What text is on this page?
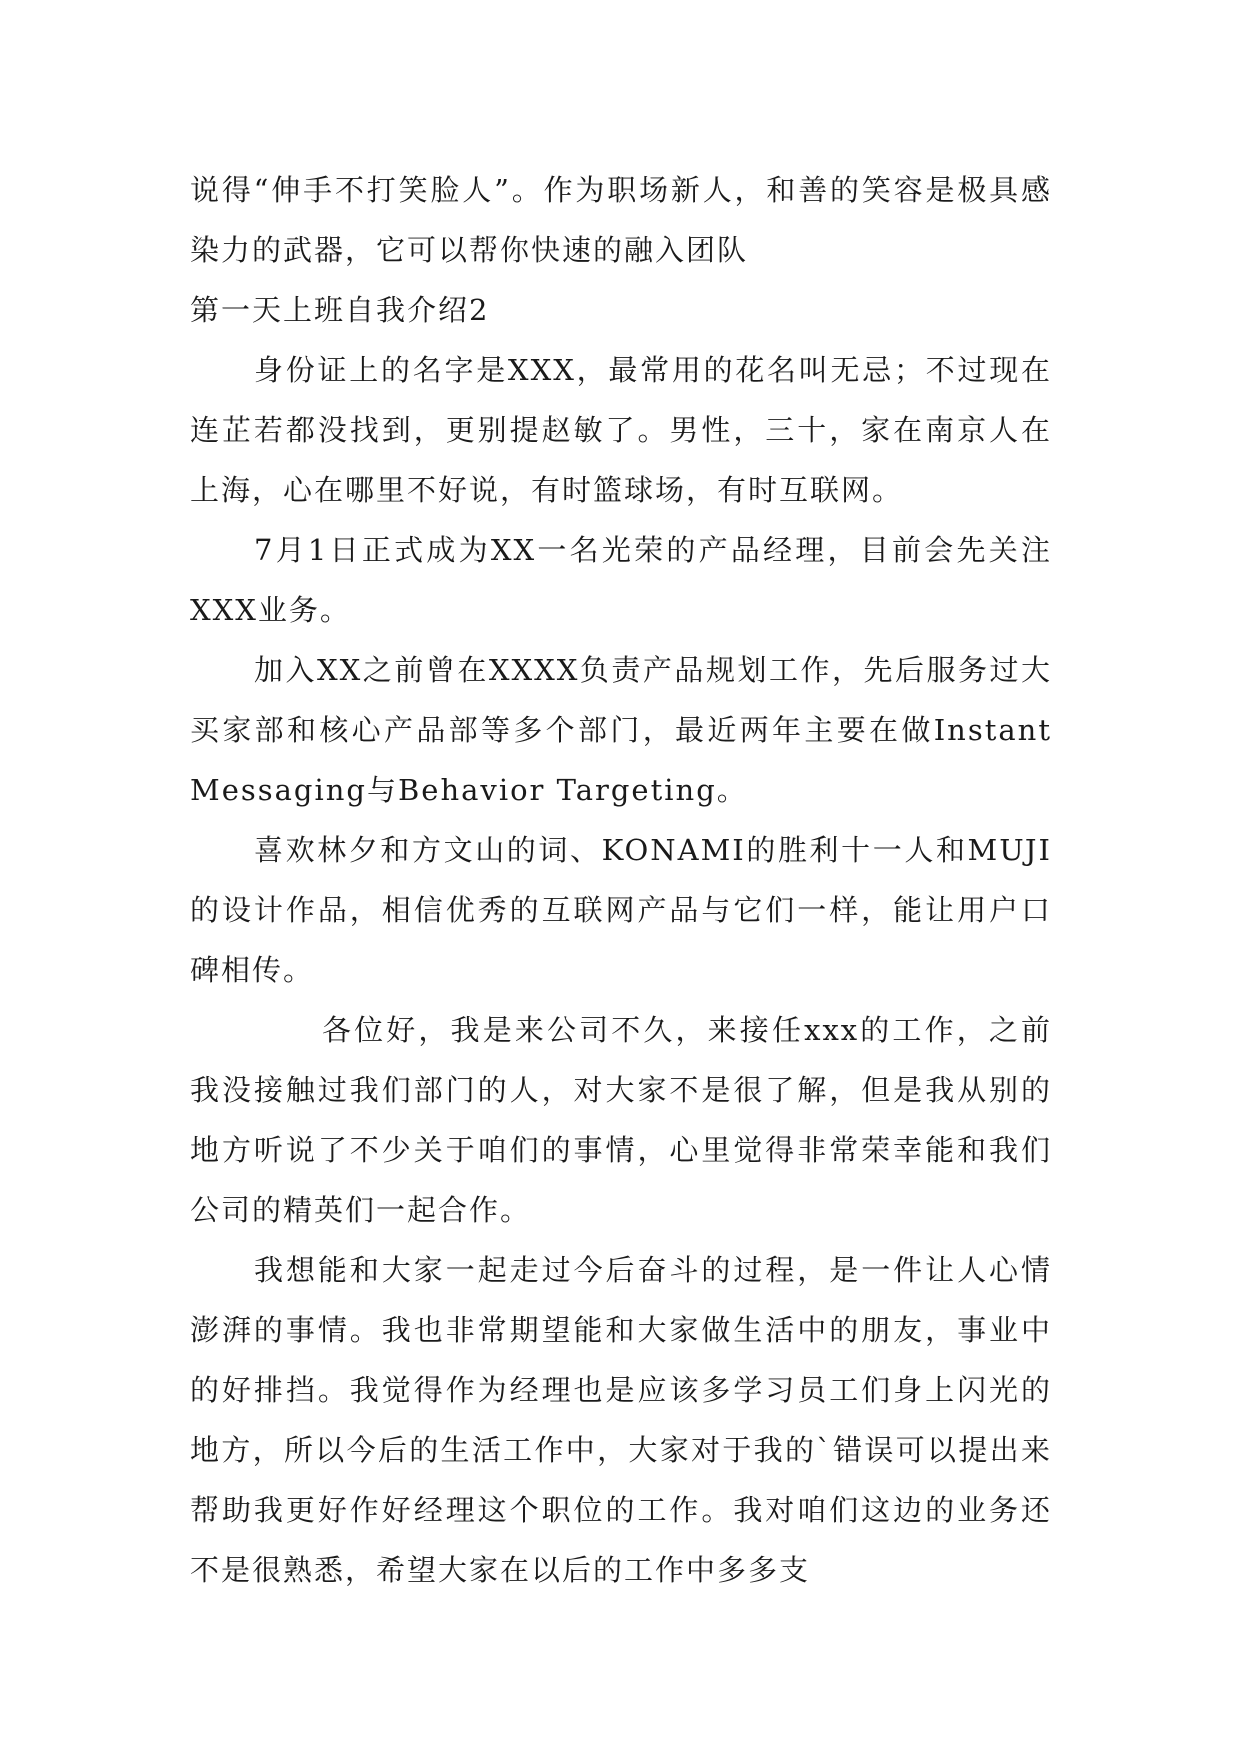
说得“伸手不打笑脸人”。作为职场新人，和善的笑容是极具感染力的武器，它可以帮你快速的融入团队

第一天上班自我介绍2

身份证上的名字是XXX，最常用的花名叫无忌；不过现在连芷若都没找到，更别提赵敏了。男性，三十，家在南京人在上海，心在哪里不好说，有时篮球场，有时互联网。

7月1日正式成为XX一名光荣的产品经理，目前会先关注XXX业务。

加入XX之前曾在XXXX负责产品规划工作，先后服务过大买家部和核心产品部等多个部门，最近两年主要在做Instant Messaging与Behavior Targeting。

喜欢林夕和方文山的词、KONAMI的胜利十一人和MUJI的设计作品，相信优秀的互联网产品与它们一样，能让用户口碑相传。

各位好，我是来公司不久，来接任xxx的工作，之前我没接触过我们部门的人，对大家不是很了解，但是我从别的地方听说了不少关于咱们的事情，心里觉得非常荣幸能和我们公司的精英们一起合作。

我想能和大家一起走过今后奋斗的过程，是一件让人心情澎湃的事情。我也非常期望能和大家做生活中的朋友，事业中的好排挡。我觉得作为经理也是应该多学习员工们身上闪光的地方，所以今后的生活工作中，大家对于我的`错误可以提出来帮助我更好作好经理这个职位的工作。我对咱们这边的业务还不是很熟悉，希望大家在以后的工作中多多支
